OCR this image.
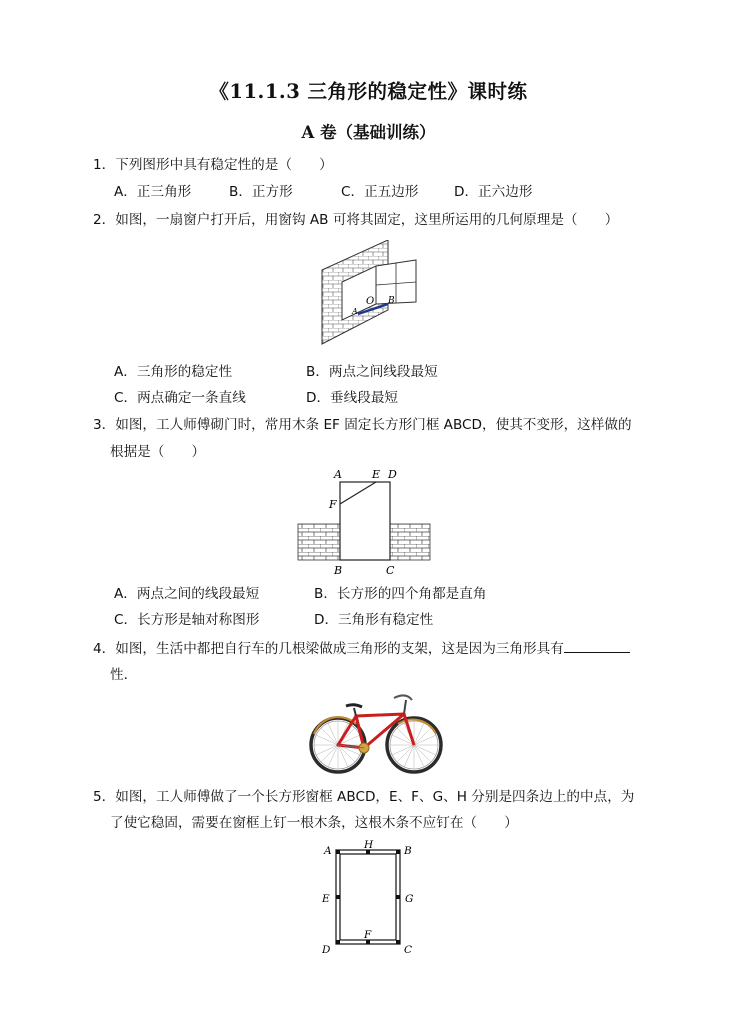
《11.1.3 三角形的稳定性》课时练
A 卷（基础训练）
1．下列图形中具有稳定性的是（　　）
A．正三角形	B．正方形	C．正五边形	D．正六边形
2．如图，一扇窗户打开后，用窗钩 AB 可将其固定，这里所运用的几何原理是（　　）
O B
A
A．三角形的稳定性	B．两点之间线段最短
C．两点确定一条直线	D．垂线段最短
3．如图，工人师傅砌门时，常用木条 EF 固定长方形门框 ABCD，使其不变形，这样做的
根据是（　　）
A	E D
F
B	C
A．两点之间的线段最短	B．长方形的四个角都是直角
C．长方形是轴对称图形	D．三角形有稳定性
4．如图，生活中都把自行车的几根梁做成三角形的支架，这是因为三角形具有
性．
5．如图，工人师傅做了一个长方形窗框 ABCD，E、F、G、H 分别是四条边上的中点，为
了使它稳固，需要在窗框上钉一根木条，这根木条不应钉在（　　）
A	H	B
E	G
F
D	C
